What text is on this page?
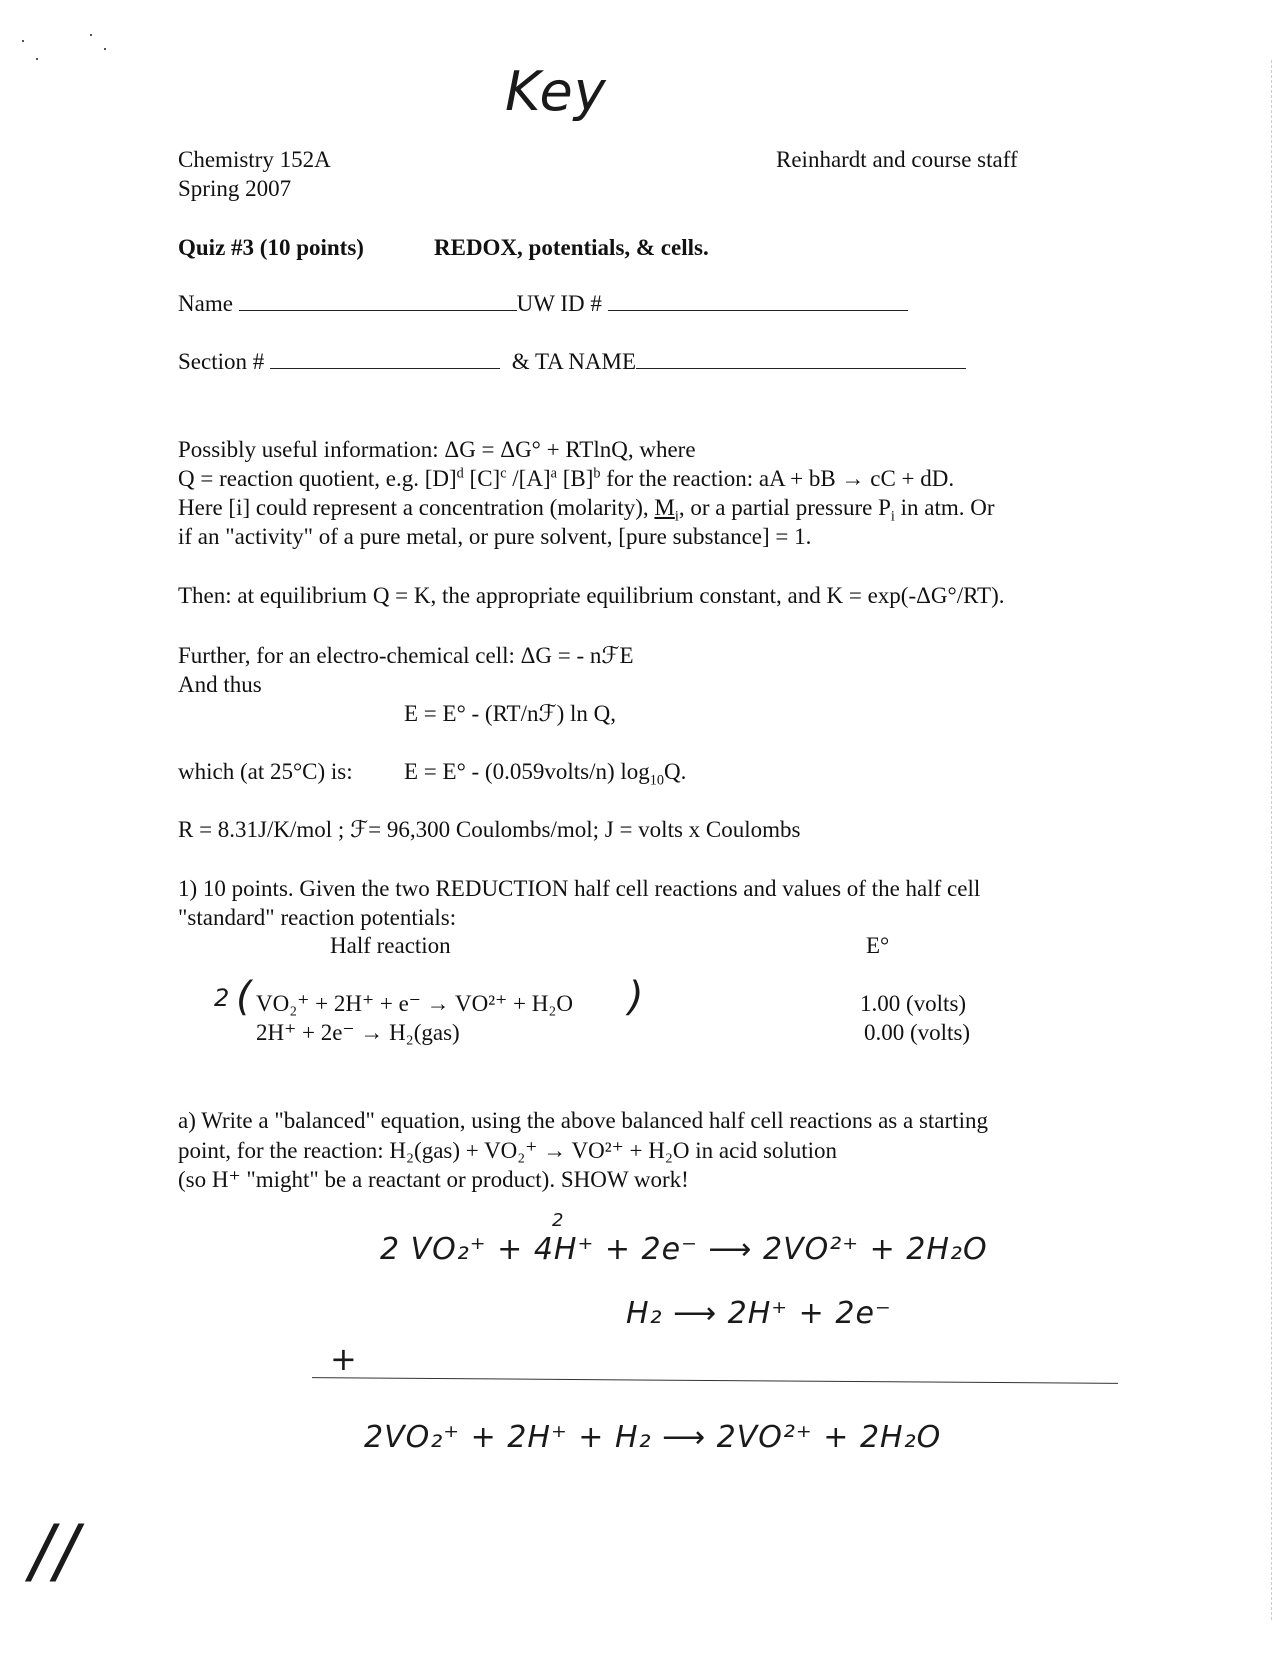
Key
Chemistry 152A
Spring 2007
Reinhardt and course staff
Quiz #3 (10 points)	REDOX, potentials, & cells.
Name	UW ID #
Section #	& TA NAME
Possibly useful information: ΔG = ΔG° + RTlnQ, where
Q = reaction quotient, e.g. $[D]^d$ $[C]^c$ $/[A]^a$ $[B]^b$ for the reaction: aA + bB → cC + dD.
Here [i] could represent a concentration (molarity), $M_i$, or a partial pressure $P_i$ in atm. Or
if an "activity" of a pure metal, or pure solvent, [pure substance] = 1.
Then: at equilibrium Q = K, the appropriate equilibrium constant, and K = exp(-ΔG°/RT).
Further, for an electro-chemical cell: ΔG = - nℱE
And thus
E = E° - (RT/nℱ) ln Q,
which (at 25°C) is: E = E° - (0.059volts/n) $\log_{10}Q$.
R = 8.31J/K/mol ; ℱ= 96,300 Coulombs/mol; J = volts x Coulombs
1) 10 points. Given the two REDUCTION half cell reactions and values of the half cell
"standard" reaction potentials:
Half reaction	E°
2 ( VO₂⁺ + 2H⁺ + e⁻ → VO²⁺ + H₂O )	1.00 (volts)
2H⁺ + 2e⁻ → H₂(gas)	0.00 (volts)
a) Write a "balanced" equation, using the above balanced half cell reactions as a starting
point, for the reaction: H₂(gas) + VO₂⁺ → VO²⁺ + H₂O in acid solution
(so H⁺ "might" be a reactant or product). SHOW work!
2
2 VO₂⁺ + 4H⁺ + 2e⁻ ⟶ 2VO²⁺ + 2H₂O
H₂ ⟶ 2H⁺ + 2e⁻
+
2VO₂⁺ + 2H⁺ + H₂ ⟶ 2VO²⁺ + 2H₂O
//
